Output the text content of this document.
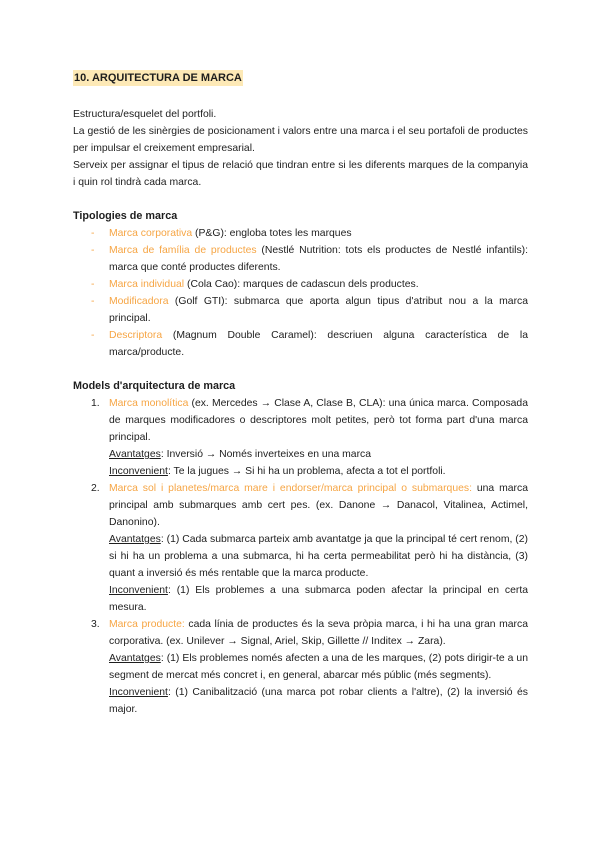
10. ARQUITECTURA DE MARCA

Estructura/esquelet del portfoli.

La gestió de les sinèrgies de posicionament i valors entre una marca i el seu portafoli de productes per impulsar el creixement empresarial.

Serveix per assignar el tipus de relació que tindran entre si les diferents marques de la companyia i quin rol tindrà cada marca.

Tipologies de marca
- Marca corporativa (P&G): engloba totes les marques
- Marca de família de productes (Nestlé Nutrition: tots els productes de Nestlé infantils): marca que conté productes diferents.
- Marca individual (Cola Cao): marques de cadascun dels productes.
- Modificadora (Golf GTI): submarca que aporta algun tipus d'atribut nou a la marca principal.
- Descriptora (Magnum Double Caramel): descriuen alguna característica de la marca/producte.
Models d'arquitectura de marca
1. Marca monolítica (ex. Mercedes → Clase A, Clase B, CLA): una única marca. Composada de marques modificadores o descriptores molt petites, però tot forma part d'una marca principal.
Avantatges: Inversió → Només inverteixes en una marca
Inconvenient: Te la jugues → Si hi ha un problema, afecta a tot el portfoli.
2. Marca sol i planetes/marca mare i endorser/marca principal o submarques: una marca principal amb submarques amb cert pes. (ex. Danone → Danacol, Vitalinea, Actimel, Danonino).
Avantatges: (1) Cada submarca parteix amb avantatge ja que la principal té cert renom, (2) si hi ha un problema a una submarca, hi ha certa permeabilitat però hi ha distància, (3) quant a inversió és més rentable que la marca producte.
Inconvenient: (1) Els problemes a una submarca poden afectar la principal en certa mesura.
3. Marca producte: cada línia de productes és la seva pròpia marca, i hi ha una gran marca corporativa. (ex. Unilever → Signal, Ariel, Skip, Gillette // Inditex → Zara).
Avantatges: (1) Els problemes només afecten a una de les marques, (2) pots dirigir-te a un segment de mercat més concret i, en general, abarcar més públic (més segments).
Inconvenient: (1) Canibalització (una marca pot robar clients a l'altre), (2) la inversió és major.
